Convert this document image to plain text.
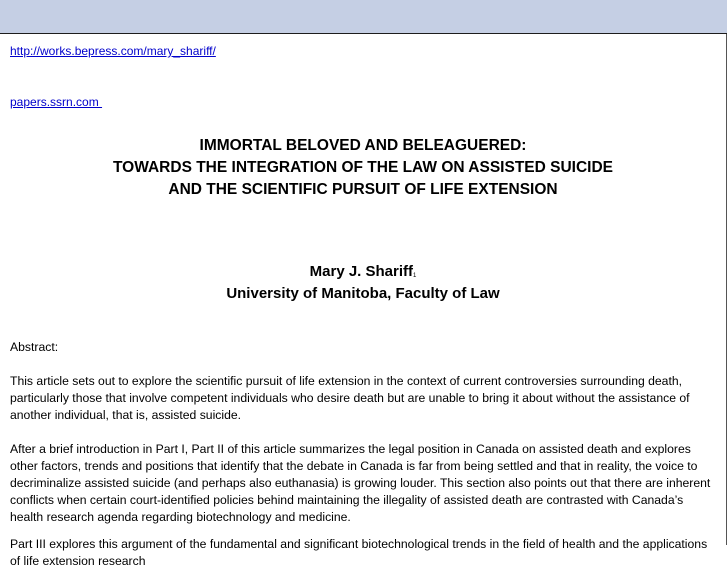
http://works.bepress.com/mary_shariff/
papers.ssrn.com
IMMORTAL BELOVED AND BELEAGUERED:
TOWARDS THE INTEGRATION OF THE LAW ON ASSISTED SUICIDE
AND THE SCIENTIFIC PURSUIT OF LIFE EXTENSION
Mary J. Shariff$_1$
University of Manitoba, Faculty of Law

Abstract:

This article sets out to explore the scientific pursuit of life extension in the context of current controversies surrounding death, particularly those that involve competent individuals who desire death but are unable to bring it about without the assistance of another individual, that is, assisted suicide.

After a brief introduction in Part I, Part II of this article summarizes the legal position in Canada on assisted death and explores other factors, trends and positions that identify that the debate in Canada is far from being settled and that in reality, the voice to decriminalize assisted suicide (and perhaps also euthanasia) is growing louder. This section also points out that there are inherent conflicts when certain court-identified policies behind maintaining the illegality of assisted death are contrasted with Canada’s health research agenda regarding biotechnology and medicine.

Part III explores this argument of the fundamental and significant biotechnological trends in the field of health and the applications of life extension research
